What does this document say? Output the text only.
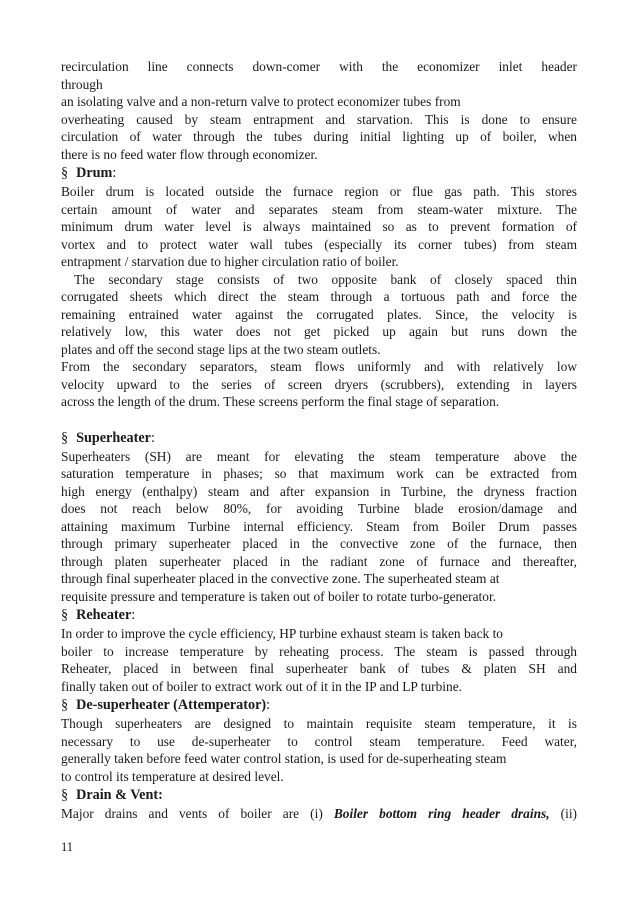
recirculation line connects down-comer with the economizer inlet header
through
an isolating valve and a non-return valve to protect economizer tubes from
overheating caused by steam entrapment and starvation. This is done to ensure
circulation of water through the tubes during initial lighting up of boiler, when
there is no feed water flow through economizer.
§ Drum:
Boiler drum is located outside the furnace region or flue gas path. This stores
certain amount of water and separates steam from steam-water mixture. The
minimum drum water level is always maintained so as to prevent formation of
vortex and to protect water wall tubes (especially its corner tubes) from steam
entrapment / starvation due to higher circulation ratio of boiler.
The secondary stage consists of two opposite bank of closely spaced thin
corrugated sheets which direct the steam through a tortuous path and force the
remaining entrained water against the corrugated plates. Since, the velocity is
relatively low, this water does not get picked up again but runs down the
plates and off the second stage lips at the two steam outlets.
From the secondary separators, steam flows uniformly and with relatively low
velocity upward to the series of screen dryers (scrubbers), extending in layers
across the length of the drum. These screens perform the final stage of separation.
§ Superheater:
Superheaters (SH) are meant for elevating the steam temperature above the
saturation temperature in phases; so that maximum work can be extracted from
high energy (enthalpy) steam and after expansion in Turbine, the dryness fraction
does not reach below 80%, for avoiding Turbine blade erosion/damage and
attaining maximum Turbine internal efficiency. Steam from Boiler Drum passes
through primary superheater placed in the convective zone of the furnace, then
through platen superheater placed in the radiant zone of furnace and thereafter,
through final superheater placed in the convective zone. The superheated steam at
requisite pressure and temperature is taken out of boiler to rotate turbo-generator.
§ Reheater:
In order to improve the cycle efficiency, HP turbine exhaust steam is taken back to
boiler to increase temperature by reheating process. The steam is passed through
Reheater, placed in between final superheater bank of tubes & platen SH and
finally taken out of boiler to extract work out of it in the IP and LP turbine.
§ De-superheater (Attemperator):
Though superheaters are designed to maintain requisite steam temperature, it is
necessary to use de-superheater to control steam temperature. Feed water,
generally taken before feed water control station, is used for de-superheating steam
to control its temperature at desired level.
§ Drain & Vent:
Major drains and vents of boiler are (i) Boiler bottom ring header drains, (ii)
11
